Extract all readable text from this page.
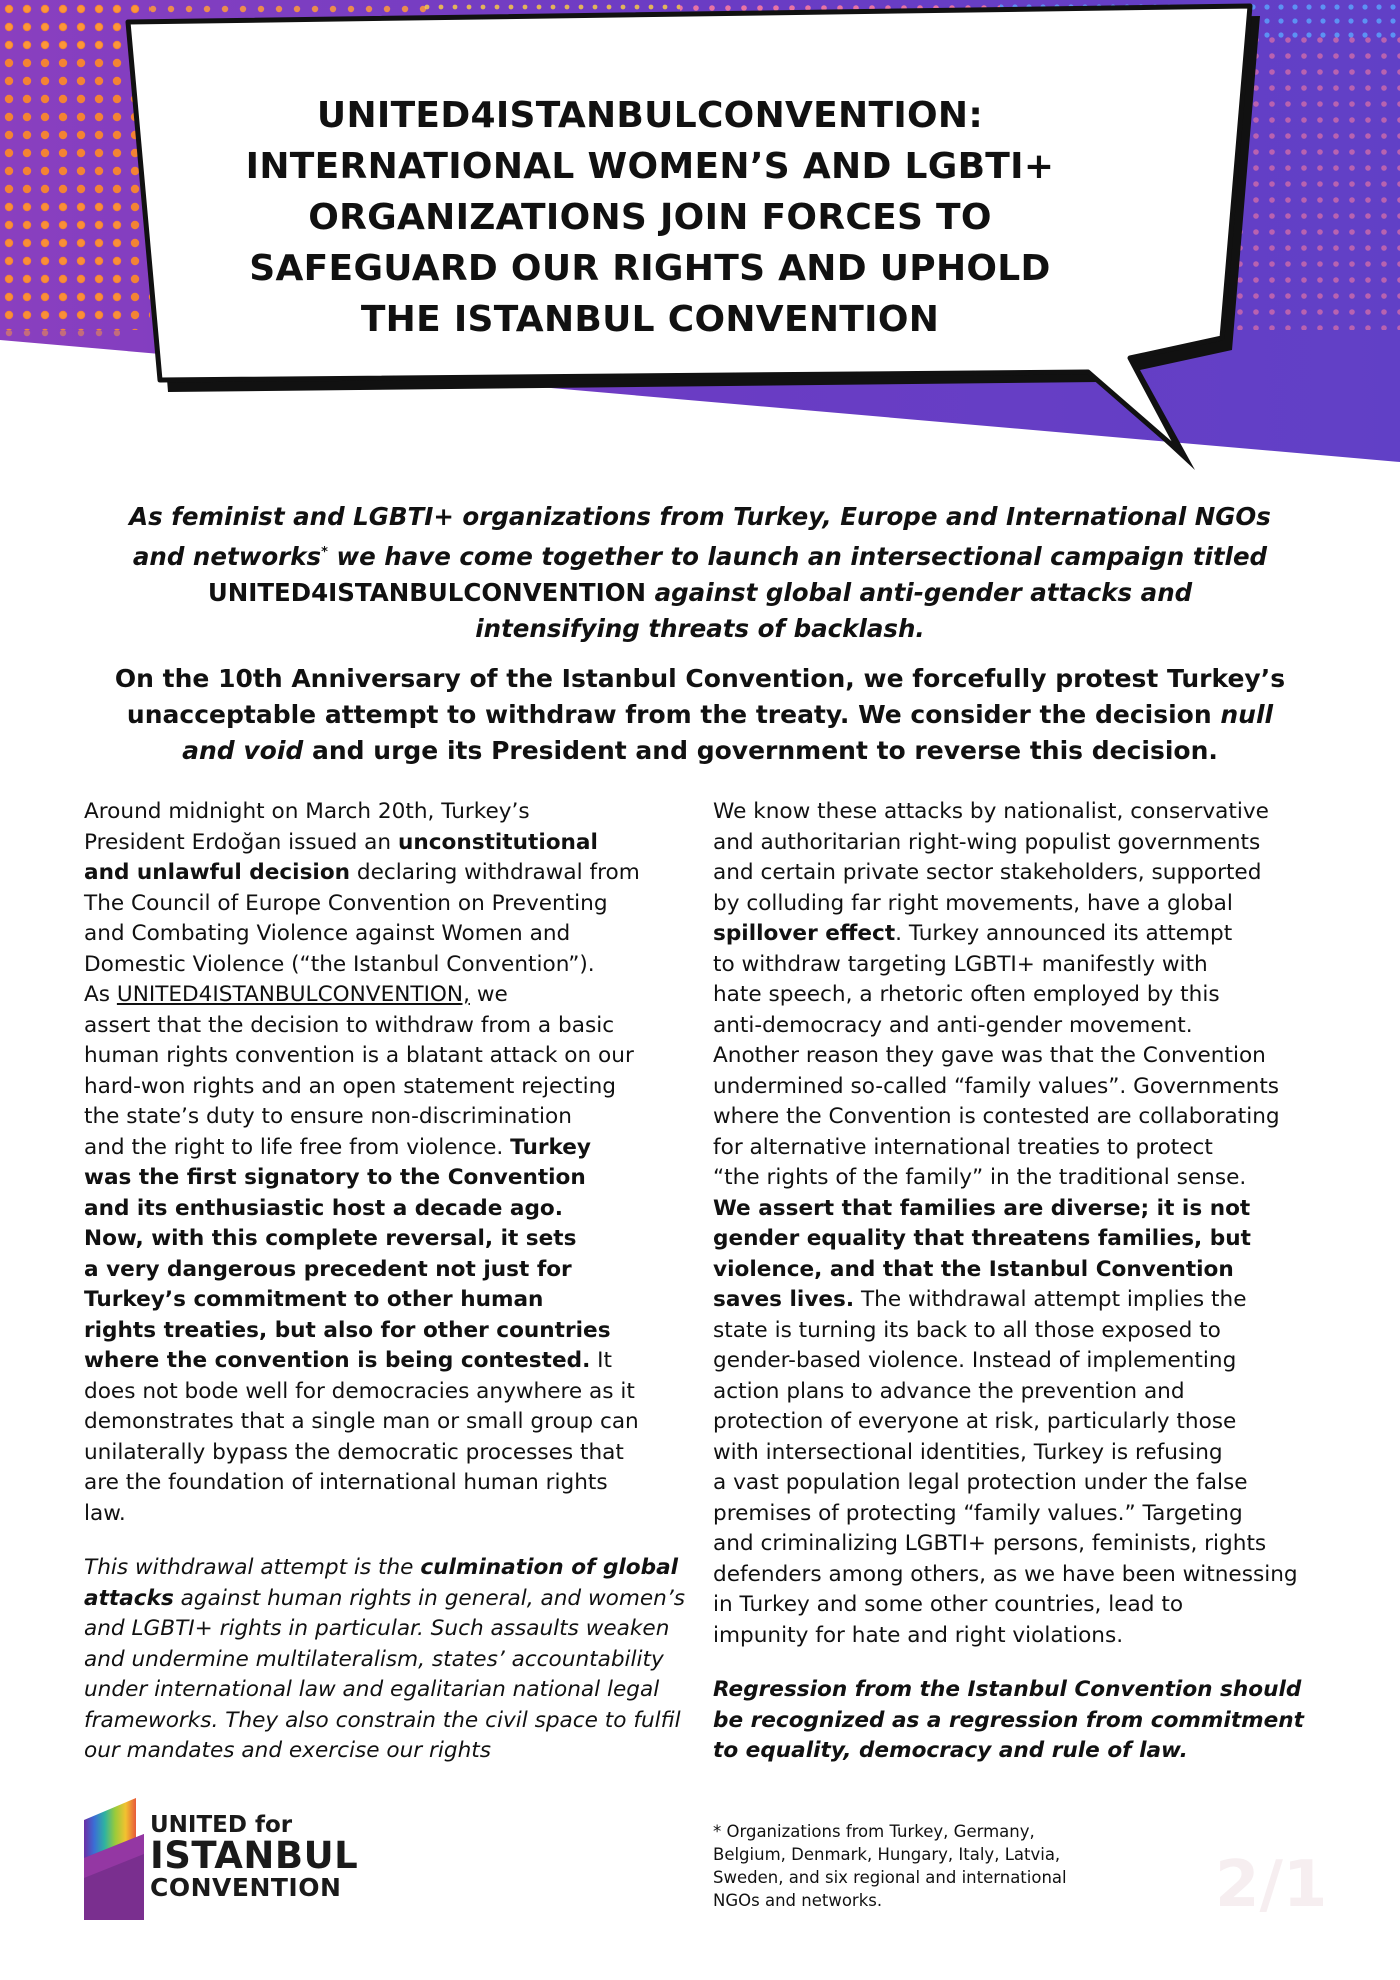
UNITED4ISTANBULCONVENTION:
INTERNATIONAL WOMEN’S AND LGBTI+
ORGANIZATIONS JOIN FORCES TO
SAFEGUARD OUR RIGHTS AND UPHOLD
THE ISTANBUL CONVENTION

As feminist and LGBTI+ organizations from Turkey, Europe and International NGOs
and networks* we have come together to launch an intersectional campaign titled
UNITED4ISTANBULCONVENTION against global anti-gender attacks and
intensifying threats of backlash.

On the 10th Anniversary of the Istanbul Convention, we forcefully protest Turkey’s
unacceptable attempt to withdraw from the treaty. We consider the decision null
and void and urge its President and government to reverse this decision.

Around midnight on March 20th, Turkey’s
President Erdoğan issued an unconstitutional
and unlawful decision declaring withdrawal from
The Council of Europe Convention on Preventing
and Combating Violence against Women and
Domestic Violence (“the Istanbul Convention”).
As UNITED4ISTANBULCONVENTION, we
assert that the decision to withdraw from a basic
human rights convention is a blatant attack on our
hard-won rights and an open statement rejecting
the state’s duty to ensure non-discrimination
and the right to life free from violence. Turkey
was the first signatory to the Convention
and its enthusiastic host a decade ago.
Now, with this complete reversal, it sets
a very dangerous precedent not just for
Turkey’s commitment to other human
rights treaties, but also for other countries
where the convention is being contested. It
does not bode well for democracies anywhere as it
demonstrates that a single man or small group can
unilaterally bypass the democratic processes that
are the foundation of international human rights
law.
This withdrawal attempt is the culmination of global
attacks against human rights in general, and women’s
and LGBTI+ rights in particular. Such assaults weaken
and undermine multilateralism, states’ accountability
under international law and egalitarian national legal
frameworks. They also constrain the civil space to fulfil
our mandates and exercise our rights
We know these attacks by nationalist, conservative
and authoritarian right-wing populist governments
and certain private sector stakeholders, supported
by colluding far right movements, have a global
spillover effect. Turkey announced its attempt
to withdraw targeting LGBTI+ manifestly with
hate speech, a rhetoric often employed by this
anti-democracy and anti-gender movement.
Another reason they gave was that the Convention
undermined so-called “family values”. Governments
where the Convention is contested are collaborating
for alternative international treaties to protect
“the rights of the family” in the traditional sense.
We assert that families are diverse; it is not
gender equality that threatens families, but
violence, and that the Istanbul Convention
saves lives. The withdrawal attempt implies the
state is turning its back to all those exposed to
gender-based violence. Instead of implementing
action plans to advance the prevention and
protection of everyone at risk, particularly those
with intersectional identities, Turkey is refusing
a vast population legal protection under the false
premises of protecting “family values.” Targeting
and criminalizing LGBTI+ persons, feminists, rights
defenders among others, as we have been witnessing
in Turkey and some other countries, lead to
impunity for hate and right violations.
Regression from the Istanbul Convention should
be recognized as a regression from commitment
to equality, democracy and rule of law.
UNITED for
ISTANBUL
CONVENTION
* Organizations from Turkey, Germany,
Belgium, Denmark, Hungary, Italy, Latvia,
Sweden, and six regional and international
NGOs and networks.	2/1
